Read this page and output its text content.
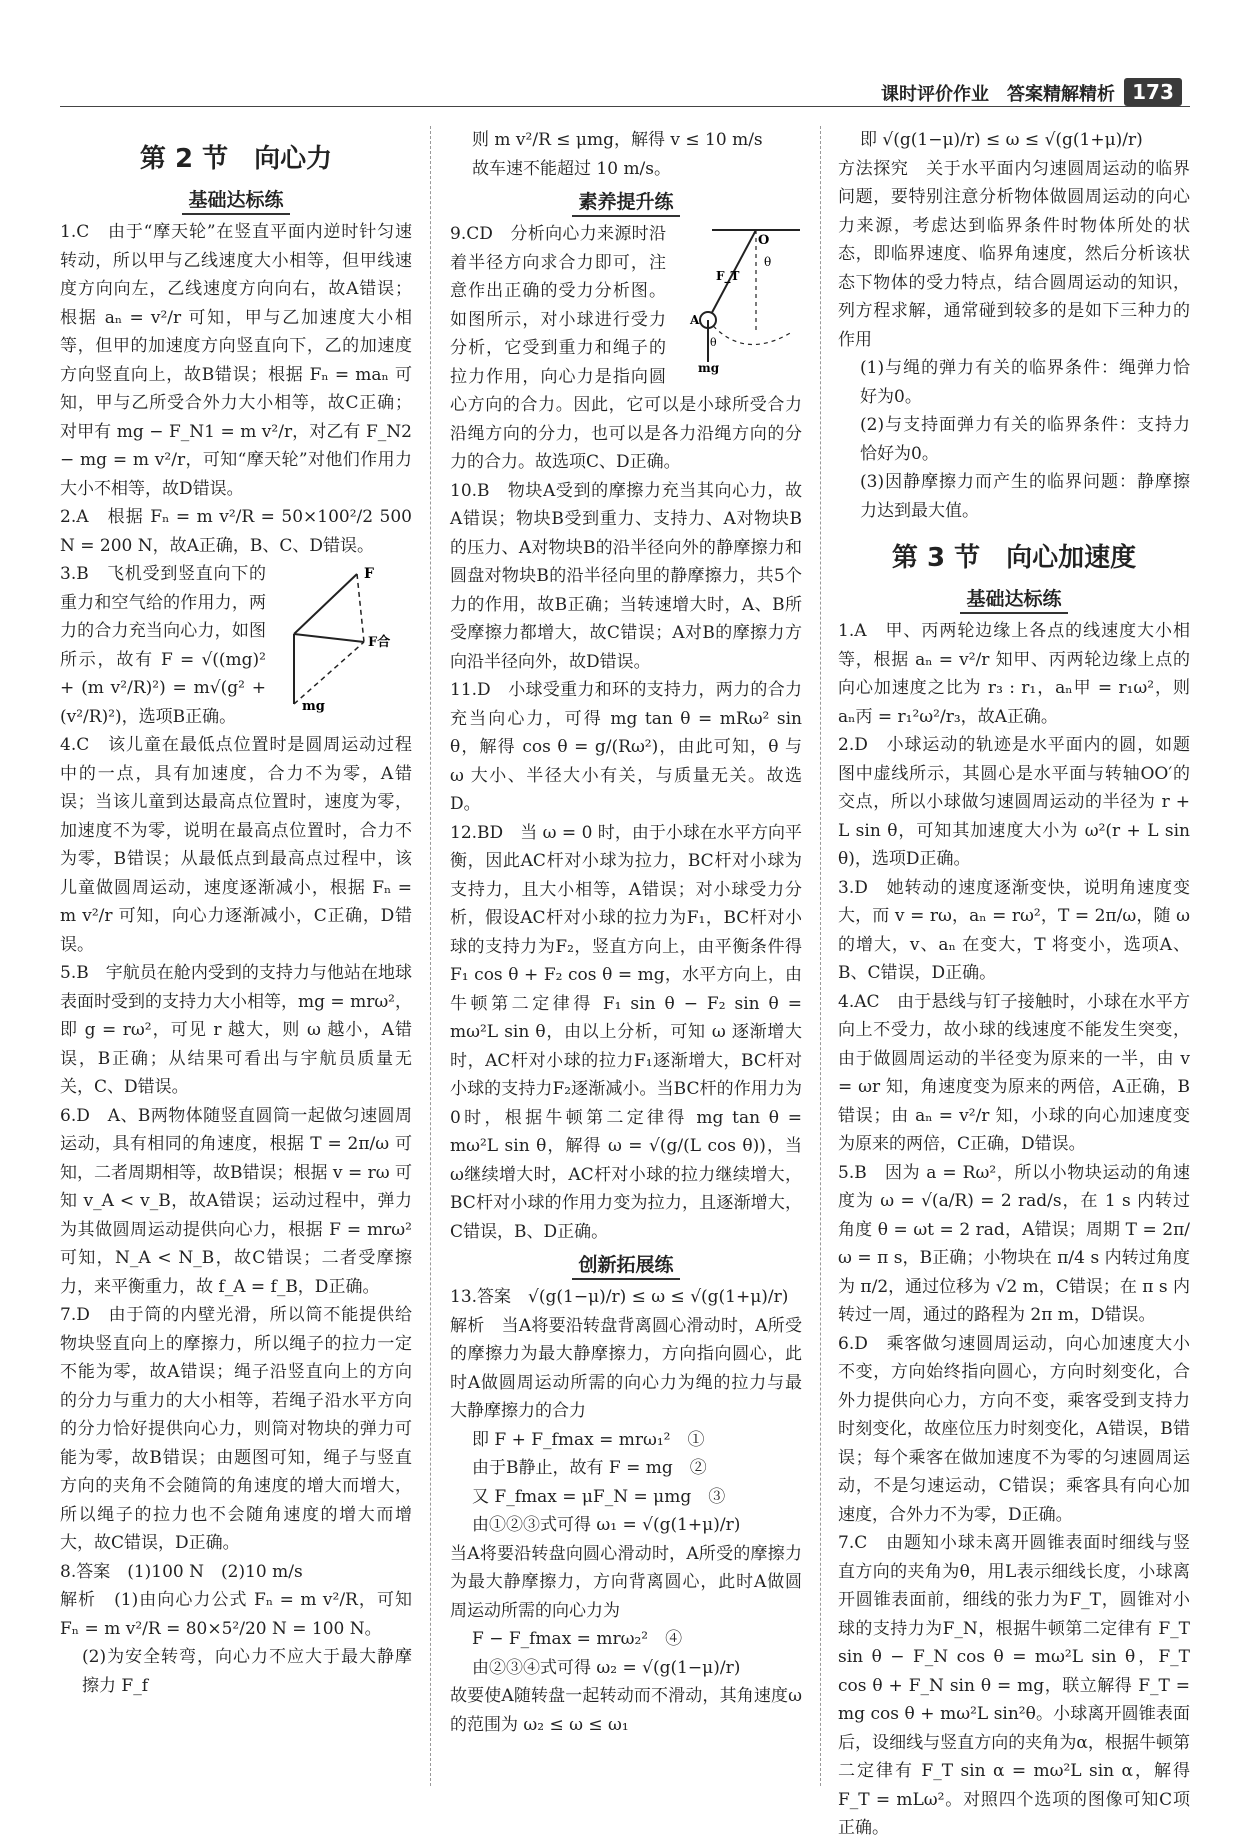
课时评价作业　答案精解精析 173
第 2 节　向心力
基础达标练

1.C　由于“摩天轮”在竖直平面内逆时针匀速转动，所以甲与乙线速度大小相等，但甲线速度方向向左，乙线速度方向向右，故A错误；根据 aₙ = v²/r 可知，甲与乙加速度大小相等，但甲的加速度方向竖直向下，乙的加速度方向竖直向上，故B错误；根据 Fₙ = maₙ 可知，甲与乙所受合外力大小相等，故C正确；对甲有 mg − F_N1 = m v²/r，对乙有 F_N2 − mg = m v²/r，可知“摩天轮”对他们作用力大小不相等，故D错误。

2.A　根据 Fₙ = m v²/R = 50×100²/2 500 N = 200 N，故A正确，B、C、D错误。

F
F合
mg

3.B　飞机受到竖直向下的重力和空气给的作用力，两力的合力充当向心力，如图所示，故有 F = √((mg)² + (m v²/R)²) = m√(g² + (v²/R)²)，选项B正确。

4.C　该儿童在最低点位置时是圆周运动过程中的一点，具有加速度，合力不为零，A错误；当该儿童到达最高点位置时，速度为零，加速度不为零，说明在最高点位置时，合力不为零，B错误；从最低点到最高点过程中，该儿童做圆周运动，速度逐渐减小，根据 Fₙ = m v²/r 可知，向心力逐渐减小，C正确，D错误。

5.B　宇航员在舱内受到的支持力与他站在地球表面时受到的支持力大小相等，mg = mrω²，即 g = rω²，可见 r 越大，则 ω 越小，A错误，B正确；从结果可看出与宇航员质量无关，C、D错误。

6.D　A、B两物体随竖直圆筒一起做匀速圆周运动，具有相同的角速度，根据 T = 2π/ω 可知，二者周期相等，故B错误；根据 v = rω 可知 v_A < v_B，故A错误；运动过程中，弹力为其做圆周运动提供向心力，根据 F = mrω² 可知，N_A < N_B，故C错误；二者受摩擦力，来平衡重力，故 f_A = f_B，D正确。

7.D　由于筒的内壁光滑，所以筒不能提供给物块竖直向上的摩擦力，所以绳子的拉力一定不能为零，故A错误；绳子沿竖直向上的方向的分力与重力的大小相等，若绳子沿水平方向的分力恰好提供向心力，则筒对物块的弹力可能为零，故B错误；由题图可知，绳子与竖直方向的夹角不会随筒的角速度的增大而增大，所以绳子的拉力也不会随角速度的增大而增大，故C错误，D正确。

8.答案　(1)100 N　(2)10 m/s

解析　(1)由向心力公式 Fₙ = m v²/R，可知 Fₙ = m v²/R = 80×5²/20 N = 100 N。

(2)为安全转弯，向心力不应大于最大静摩擦力 F_f

则 m v²/R ≤ μmg，解得 v ≤ 10 m/s

故车速不能超过 10 m/s。

素养提升练
O
θ
F_T
A
θ
mg

9.CD　分析向心力来源时沿着半径方向求合力即可，注意作出正确的受力分析图。如图所示，对小球进行受力分析，它受到重力和绳子的拉力作用，向心力是指向圆心方向的合力。因此，它可以是小球所受合力沿绳方向的分力，也可以是各力沿绳方向的分力的合力。故选项C、D正确。

10.B　物块A受到的摩擦力充当其向心力，故A错误；物块B受到重力、支持力、A对物块B的压力、A对物块B的沿半径向外的静摩擦力和圆盘对物块B的沿半径向里的静摩擦力，共5个力的作用，故B正确；当转速增大时，A、B所受摩擦力都增大，故C错误；A对B的摩擦力方向沿半径向外，故D错误。

11.D　小球受重力和环的支持力，两力的合力充当向心力，可得 mg tan θ = mRω² sin θ，解得 cos θ = g/(Rω²)，由此可知，θ 与 ω 大小、半径大小有关，与质量无关。故选D。

12.BD　当 ω = 0 时，由于小球在水平方向平衡，因此AC杆对小球为拉力，BC杆对小球为支持力，且大小相等，A错误；对小球受力分析，假设AC杆对小球的拉力为F₁，BC杆对小球的支持力为F₂，竖直方向上，由平衡条件得 F₁ cos θ + F₂ cos θ = mg，水平方向上，由牛顿第二定律得 F₁ sin θ − F₂ sin θ = mω²L sin θ，由以上分析，可知 ω 逐渐增大时，AC杆对小球的拉力F₁逐渐增大，BC杆对小球的支持力F₂逐渐减小。当BC杆的作用力为0时，根据牛顿第二定律得 mg tan θ = mω²L sin θ，解得 ω = √(g/(L cos θ))，当ω继续增大时，AC杆对小球的拉力继续增大，BC杆对小球的作用力变为拉力，且逐渐增大，C错误，B、D正确。

创新拓展练

13.答案　√(g(1−μ)/r) ≤ ω ≤ √(g(1+μ)/r)

解析　当A将要沿转盘背离圆心滑动时，A所受的摩擦力为最大静摩擦力，方向指向圆心，此时A做圆周运动所需的向心力为绳的拉力与最大静摩擦力的合力

即 F + F_fmax = mrω₁²　①

由于B静止，故有 F = mg　②

又 F_fmax = μF_N = μmg　③

由①②③式可得 ω₁ = √(g(1+μ)/r)

当A将要沿转盘向圆心滑动时，A所受的摩擦力为最大静摩擦力，方向背离圆心，此时A做圆周运动所需的向心力为

F − F_fmax = mrω₂²　④

由②③④式可得 ω₂ = √(g(1−μ)/r)

故要使A随转盘一起转动而不滑动，其角速度ω的范围为 ω₂ ≤ ω ≤ ω₁

即 √(g(1−μ)/r) ≤ ω ≤ √(g(1+μ)/r)

方法探究　关于水平面内匀速圆周运动的临界问题，要特别注意分析物体做圆周运动的向心力来源，考虑达到临界条件时物体所处的状态，即临界速度、临界角速度，然后分析该状态下物体的受力特点，结合圆周运动的知识，列方程求解，通常碰到较多的是如下三种力的作用

(1)与绳的弹力有关的临界条件：绳弹力恰好为0。

(2)与支持面弹力有关的临界条件：支持力恰好为0。

(3)因静摩擦力而产生的临界问题：静摩擦力达到最大值。

第 3 节　向心加速度
基础达标练

1.A　甲、丙两轮边缘上各点的线速度大小相等，根据 aₙ = v²/r 知甲、丙两轮边缘上点的向心加速度之比为 r₃ : r₁，aₙ甲 = r₁ω²，则 aₙ丙 = r₁²ω²/r₃，故A正确。

2.D　小球运动的轨迹是水平面内的圆，如题图中虚线所示，其圆心是水平面与转轴OO′的交点，所以小球做匀速圆周运动的半径为 r + L sin θ，可知其加速度大小为 ω²(r + L sin θ)，选项D正确。

3.D　她转动的速度逐渐变快，说明角速度变大，而 v = rω，aₙ = rω²，T = 2π/ω，随 ω 的增大，v、aₙ 在变大，T 将变小，选项A、B、C错误，D正确。

4.AC　由于悬线与钉子接触时，小球在水平方向上不受力，故小球的线速度不能发生突变，由于做圆周运动的半径变为原来的一半，由 v = ωr 知，角速度变为原来的两倍，A正确，B错误；由 aₙ = v²/r 知，小球的向心加速度变为原来的两倍，C正确，D错误。

5.B　因为 a = Rω²，所以小物块运动的角速度为 ω = √(a/R) = 2 rad/s，在 1 s 内转过角度 θ = ωt = 2 rad，A错误；周期 T = 2π/ω = π s，B正确；小物块在 π/4 s 内转过角度为 π/2，通过位移为 √2 m，C错误；在 π s 内转过一周，通过的路程为 2π m，D错误。

6.D　乘客做匀速圆周运动，向心加速度大小不变，方向始终指向圆心，方向时刻变化，合外力提供向心力，方向不变，乘客受到支持力时刻变化，故座位压力时刻变化，A错误，B错误；每个乘客在做加速度不为零的匀速圆周运动，不是匀速运动，C错误；乘客具有向心加速度，合外力不为零，D正确。

7.C　由题知小球未离开圆锥表面时细线与竖直方向的夹角为θ，用L表示细线长度，小球离开圆锥表面前，细线的张力为F_T，圆锥对小球的支持力为F_N，根据牛顿第二定律有 F_T sin θ − F_N cos θ = mω²L sin θ，F_T cos θ + F_N sin θ = mg，联立解得 F_T = mg cos θ + mω²L sin²θ。小球离开圆锥表面后，设细线与竖直方向的夹角为α，根据牛顿第二定律有 F_T sin α = mω²L sin α，解得 F_T = mLω²。对照四个选项的图像可知C项正确。
